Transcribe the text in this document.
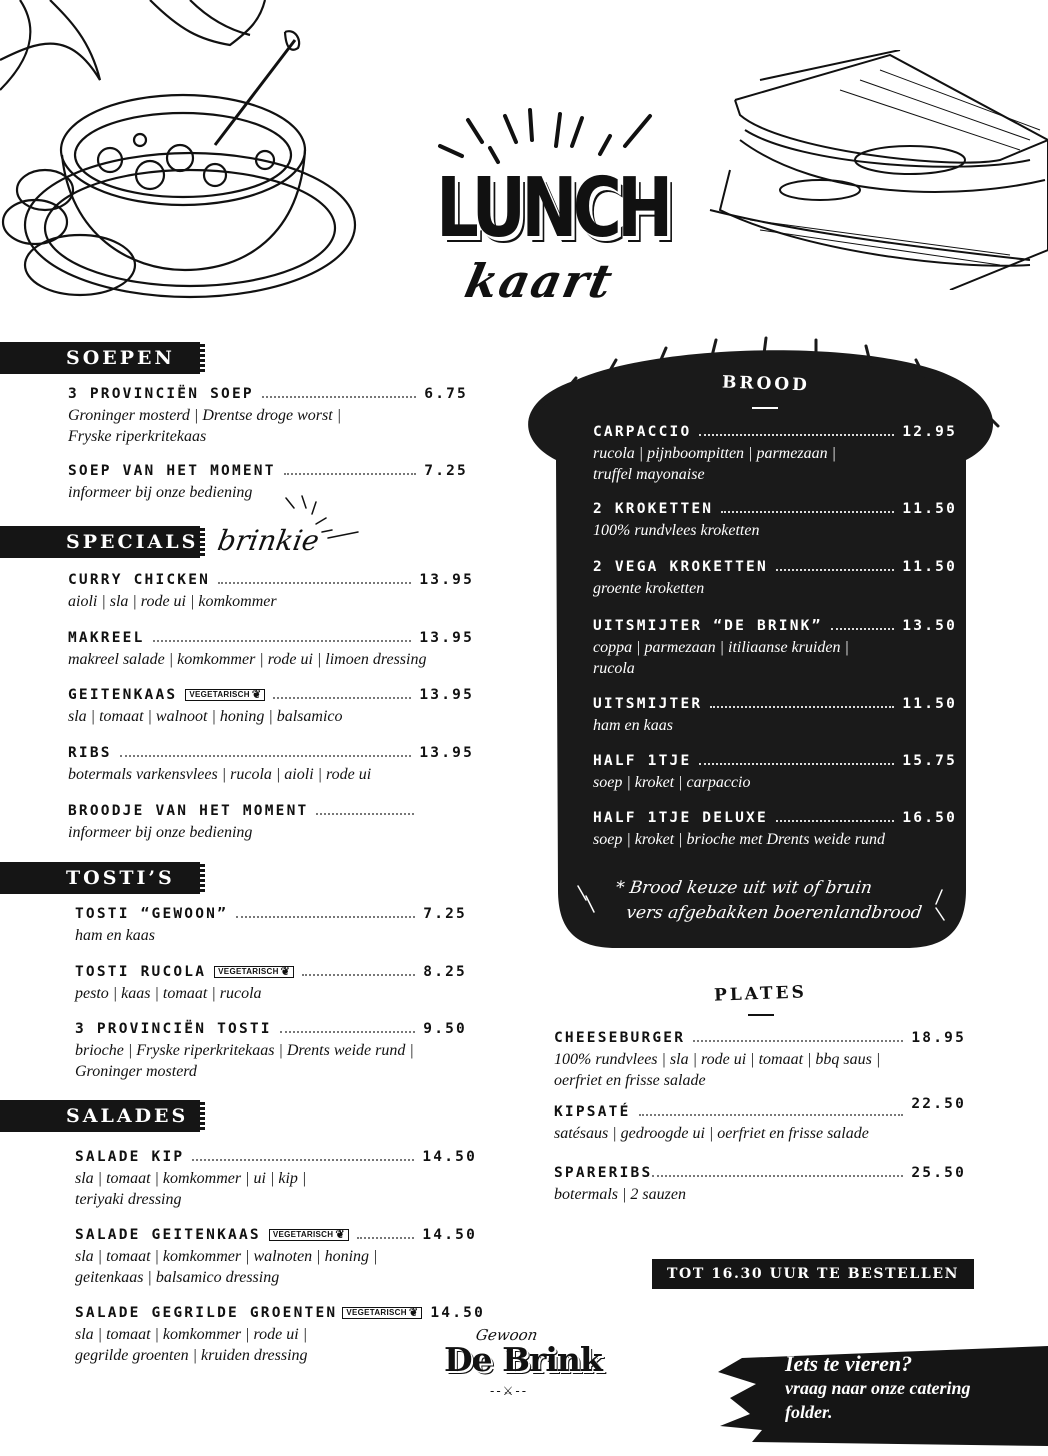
LUNCH
kaart
SOEPEN
3 PROVINCIËN SOEP	6.75
Groninger mosterd | Drentse droge worst |
Fryske riperkritekaas
SOEP VAN HET MOMENT	7.25
informeer bij onze bediening
SPECIALS brinkie
CURRY CHICKEN	13.95
aioli | sla | rode ui | komkommer
MAKREEL	13.95
makreel salade | komkommer | rode ui | limoen dressing
GEITENKAAS VEGETARISCH ❦	13.95
sla | tomaat | walnoot | honing | balsamico
RIBS	13.95
botermals varkensvlees | rucola | aioli | rode ui
BROODJE VAN HET MOMENT
informeer bij onze bediening
TOSTI’S
TOSTI “GEWOON”	7.25
ham en kaas
TOSTI RUCOLA VEGETARISCH ❦	8.25
pesto | kaas | tomaat | rucola
3 PROVINCIËN TOSTI	9.50
brioche | Fryske riperkritekaas | Drents weide rund |
Groninger mosterd
SALADES
SALADE KIP	14.50
sla | tomaat | komkommer | ui | kip |
teriyaki dressing
SALADE GEITENKAAS VEGETARISCH ❦	14.50
sla | tomaat | komkommer | walnoten | honing |
geitenkaas | balsamico dressing
SALADE GEGRILDE GROENTEN VEGETARISCH ❦ 14.50
sla | tomaat | komkommer | rode ui |
gegrilde groenten | kruiden dressing
BROOD
CARPACCIO	12.95
rucola | pijnboompitten | parmezaan |
truffel mayonaise
2 KROKETTEN	11.50
100% rundvlees kroketten
2 VEGA KROKETTEN	11.50
groente kroketten
UITSMIJTER “DE BRINK”	13.50
coppa | parmezaan | itiliaanse kruiden |
rucola
UITSMIJTER	11.50
ham en kaas
HALF 1TJE	15.75
soep | kroket | carpaccio
HALF 1TJE DELUXE	16.50
soep | kroket | brioche met Drents weide rund
* Brood keuze uit wit of bruin
vers afgebakken boerenlandbrood
PLATES
CHEESEBURGER	18.95
100% rundvlees | sla | rode ui | tomaat | bbq saus |
oerfriet en frisse salade
KIPSATÉ	22.50
satésaus | gedroogde ui | oerfriet en frisse salade
SPARERIBS	25.50
botermals | 2 sauzen
TOT 16.30 UUR TE BESTELLEN
Gewoon
De Brink
-‑⚔‑-
Iets te vieren?
vraag naar onze catering
folder.
